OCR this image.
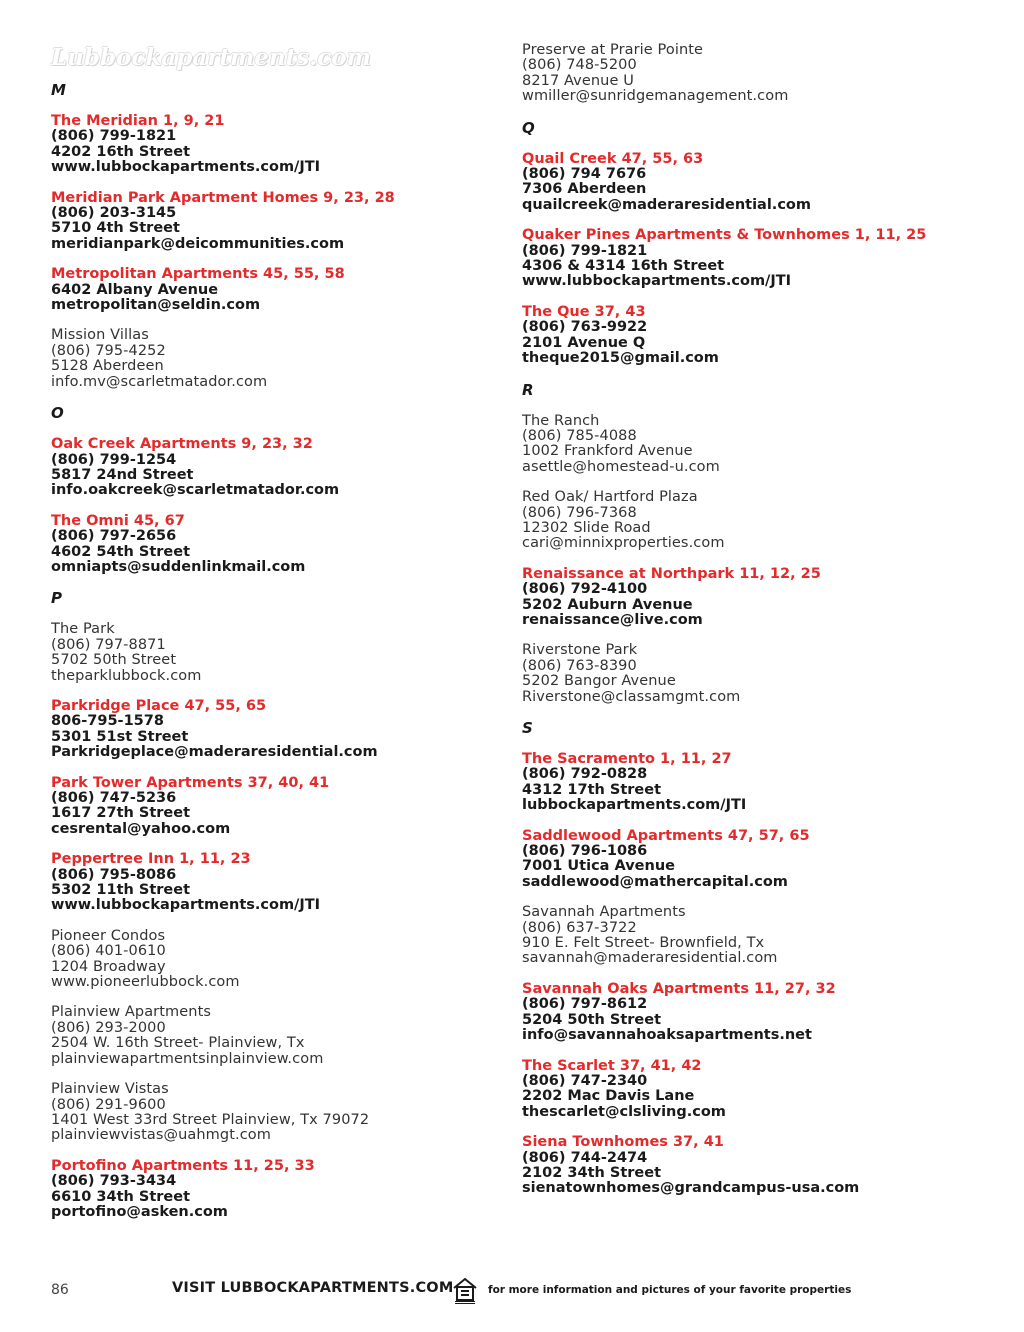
Lubbockapartments.com
M
The Meridian 1, 9, 21
(806) 799-1821
4202 16th Street
www.lubbockapartments.com/JTI
Meridian Park Apartment Homes 9, 23, 28
(806) 203-3145
5710 4th Street
meridianpark@deicommunities.com
Metropolitan Apartments 45, 55, 58
6402 Albany Avenue
metropolitan@seldin.com
Mission Villas
(806) 795-4252
5128 Aberdeen
info.mv@scarletmatador.com
O
Oak Creek Apartments 9, 23, 32
(806) 799-1254
5817 24nd Street
info.oakcreek@scarletmatador.com
The Omni 45, 67
(806) 797-2656
4602 54th Street
omniapts@suddenlinkmail.com
P
The Park
(806) 797-8871
5702 50th Street
theparklubbock.com
Parkridge Place 47, 55, 65
806-795-1578
5301 51st Street
Parkridgeplace@maderaresidential.com
Park Tower Apartments 37, 40, 41
(806) 747-5236
1617 27th Street
cesrental@yahoo.com
Peppertree Inn 1, 11, 23
(806) 795-8086
5302 11th Street
www.lubbockapartments.com/JTI
Pioneer Condos
(806) 401-0610
1204 Broadway
www.pioneerlubbock.com
Plainview Apartments
(806) 293-2000
2504 W. 16th Street- Plainview, Tx
plainviewapartmentsinplainview.com
Plainview Vistas
(806) 291-9600
1401 West 33rd Street Plainview, Tx 79072
plainviewvistas@uahmgt.com
Portofino Apartments 11, 25, 33
(806) 793-3434
6610 34th Street
portofino@asken.com
Preserve at Prarie Pointe
(806) 748-5200
8217 Avenue U
wmiller@sunridgemanagement.com
Q
Quail Creek 47, 55, 63
(806) 794 7676
7306 Aberdeen
quailcreek@maderaresidential.com
Quaker Pines Apartments & Townhomes 1, 11, 25
(806) 799-1821
4306 & 4314 16th Street
www.lubbockapartments.com/JTI
The Que 37, 43
(806) 763-9922
2101 Avenue Q
theque2015@gmail.com
R
The Ranch
(806) 785-4088
1002 Frankford Avenue
asettle@homestead-u.com
Red Oak/ Hartford Plaza
(806) 796-7368
12302 Slide Road
cari@minnixproperties.com
Renaissance at Northpark 11, 12, 25
(806) 792-4100
5202 Auburn Avenue
renaissance@live.com
Riverstone Park
(806) 763-8390
5202 Bangor Avenue
Riverstone@classamgmt.com
S
The Sacramento 1, 11, 27
(806) 792-0828
4312 17th Street
lubbockapartments.com/JTI
Saddlewood Apartments 47, 57, 65
(806) 796-1086
7001 Utica Avenue
saddlewood@mathercapital.com
Savannah Apartments
(806) 637-3722
910 E. Felt Street- Brownfield, Tx
savannah@maderaresidential.com
Savannah Oaks Apartments 11, 27, 32
(806) 797-8612
5204 50th Street
info@savannahoaksapartments.net
The Scarlet 37, 41, 42
(806) 747-2340
2202 Mac Davis Lane
thescarlet@clsliving.com
Siena Townhomes 37, 41
(806) 744-2474
2102 34th Street
sienatownhomes@grandcampus-usa.com
86	VISIT LUBBOCKAPARTMENTS.COM	for more information and pictures of your favorite properties
